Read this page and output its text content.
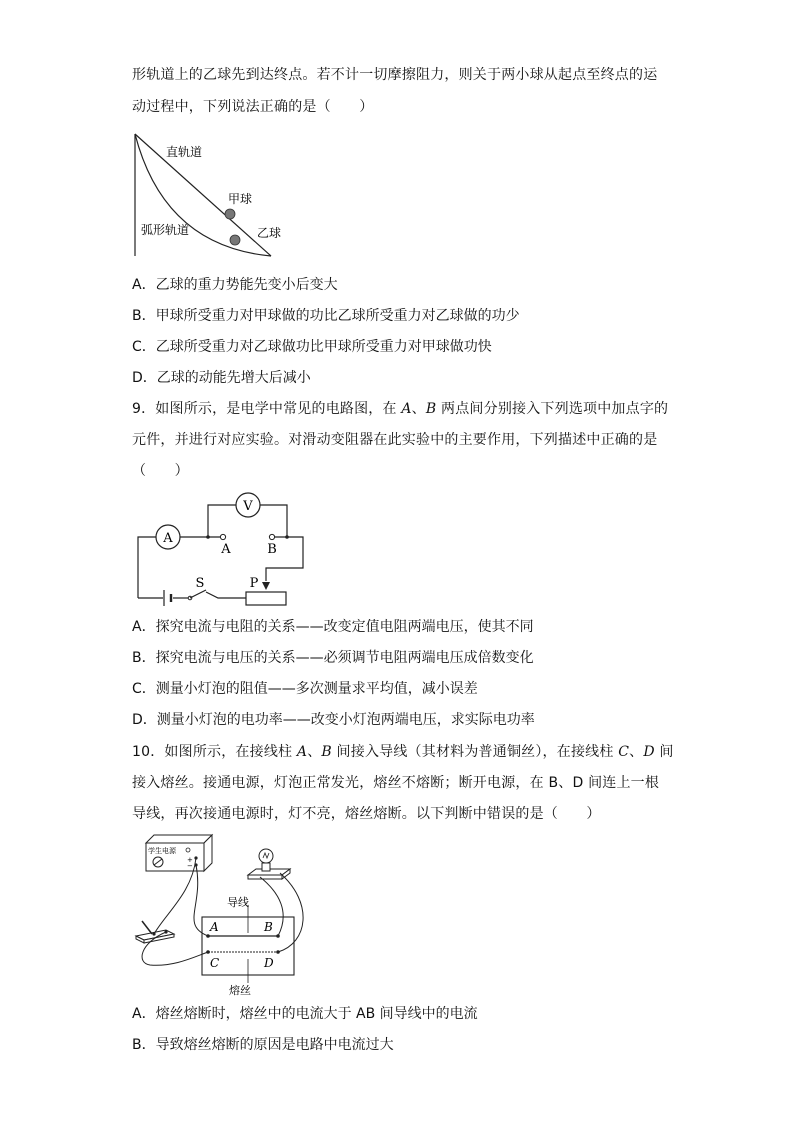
形轨道上的乙球先到达终点。若不计一切摩擦阻力，则关于两小球从起点至终点的运
动过程中，下列说法正确的是（　　）
直轨道
甲球
弧形轨道	乙球
A．乙球的重力势能先变小后变大
B．甲球所受重力对甲球做的功比乙球所受重力对乙球做的功少
C．乙球所受重力对乙球做功比甲球所受重力对甲球做功快
D．乙球的动能先增大后减小
9．如图所示，是电学中常见的电路图，在 A、B 两点间分别接入下列选项中加点字的
元件，并进行对应实验。对滑动变阻器在此实验中的主要作用，下列描述中正确的是
（　　）
V
A
A	B
S	P
A．探究电流与电阻的关系——改变定值电阻两端电压，使其不同
B．探究电流与电压的关系——必须调节电阻两端电压成倍数变化
C．测量小灯泡的阻值——多次测量求平均值，减小误差
D．测量小灯泡的电功率——改变小灯泡两端电压，求实际电功率
10．如图所示，在接线柱 A、B 间接入导线（其材料为普通铜丝），在接线柱 C、D 间
接入熔丝。接通电源，灯泡正常发光，熔丝不熔断；断开电源，在 B、D 间连上一根
导线，再次接通电源时，灯不亮，熔丝熔断。以下判断中错误的是（　　）
学生电源
+
−
导线
熔丝
A	B
C	D
A．熔丝熔断时，熔丝中的电流大于 AB 间导线中的电流
B．导致熔丝熔断的原因是电路中电流过大
